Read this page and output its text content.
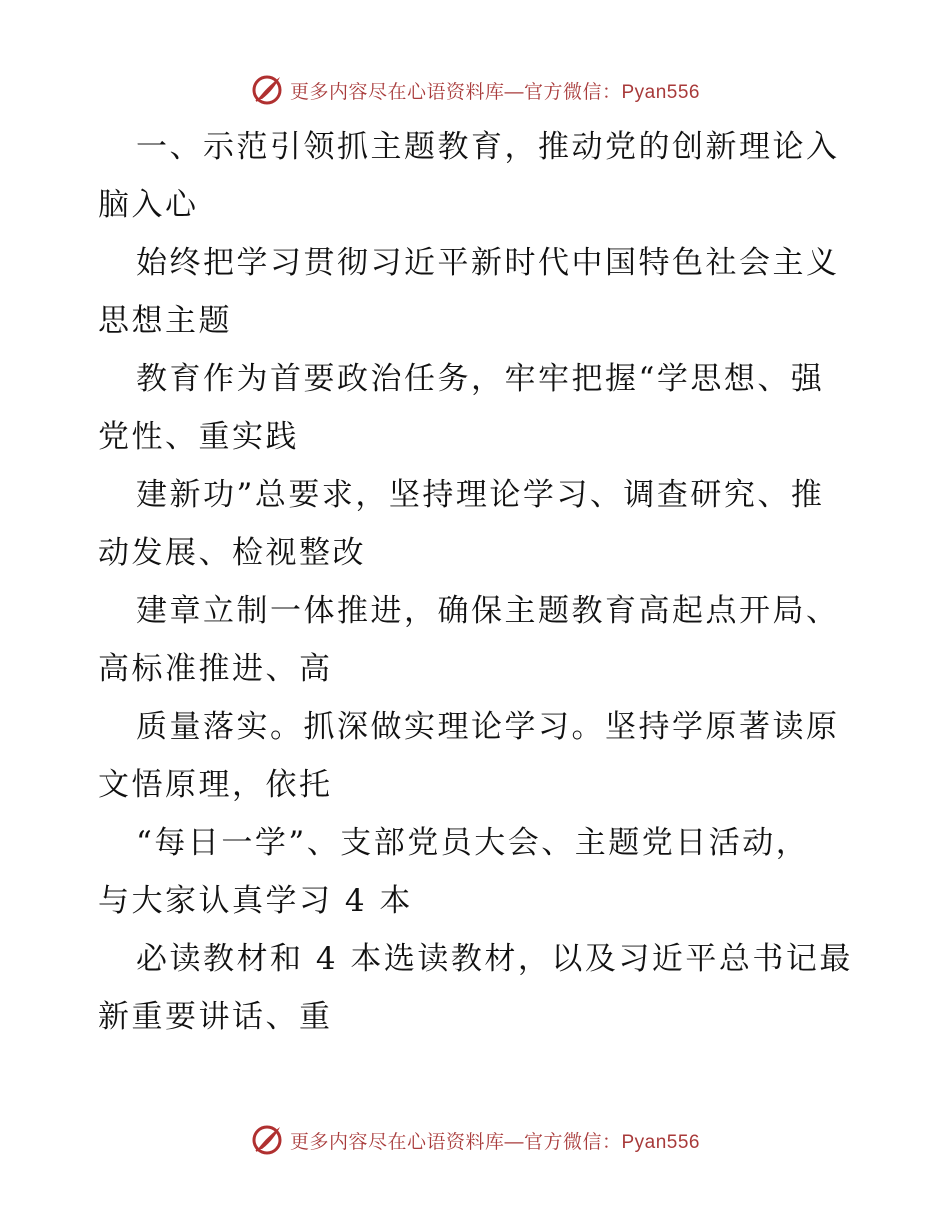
更多内容尽在心语资料库—官方微信：Pyan556
一、示范引领抓主题教育，推动党的创新理论入
脑入心
始终把学习贯彻习近平新时代中国特色社会主义
思想主题
教育作为首要政治任务，牢牢把握“学思想、强
党性、重实践
建新功”总要求，坚持理论学习、调查研究、推
动发展、检视整改
建章立制一体推进，确保主题教育高起点开局、
高标准推进、高
质量落实。抓深做实理论学习。坚持学原著读原
文悟原理，依托
“每日一学”、支部党员大会、主题党日活动，
与大家认真学习 4 本
必读教材和 4 本选读教材，以及习近平总书记最
新重要讲话、重
更多内容尽在心语资料库—官方微信：Pyan556
